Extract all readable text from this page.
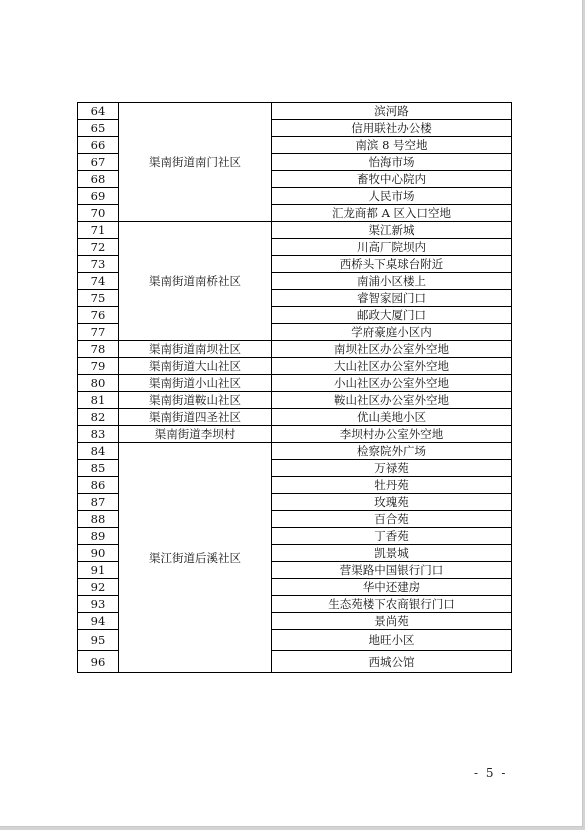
64	渠南街道南门社区	滨河路
65		信用联社办公楼
66		南滨 8 号空地
67		怡海市场
68		畜牧中心院内
69		人民市场
70		汇龙商都 A 区入口空地
71	渠南街道南桥社区	渠江新城
72		川高厂院坝内
73		西桥头下桌球台附近
74		南浦小区楼上
75		睿智家园门口
76		邮政大厦门口
77		学府豪庭小区内
78	渠南街道南坝社区	南坝社区办公室外空地
79	渠南街道大山社区	大山社区办公室外空地
80	渠南街道小山社区	小山社区办公室外空地
81	渠南街道鞍山社区	鞍山社区办公室外空地
82	渠南街道四圣社区	优山美地小区
83	渠南街道李坝村	李坝村办公室外空地
84	渠江街道后溪社区	检察院外广场
85		万禄苑
86		牡丹苑
87		玫瑰苑
88		百合苑
89		丁香苑
90		凯景城
91		营渠路中国银行门口
92		华中还建房
93		生态苑楼下农商银行门口
94		景尚苑
95		地旺小区
96		西城公馆
- 5 -
